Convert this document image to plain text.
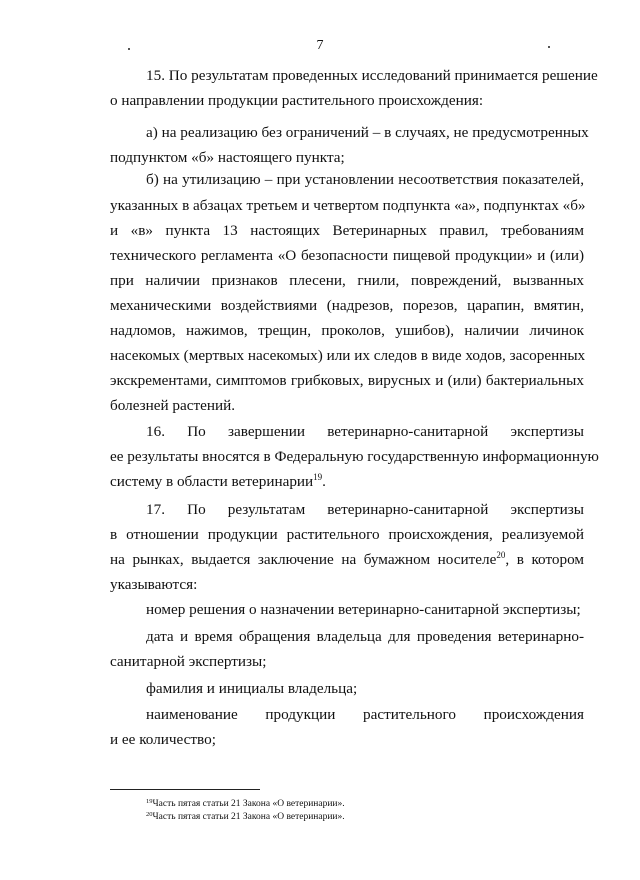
7
15. По результатам проведенных исследований принимается решение
о направлении продукции растительного происхождения:
а) на реализацию без ограничений – в случаях, не предусмотренных
подпунктом «б» настоящего пункта;
б) на утилизацию – при установлении несоответствия показателей,
указанных в абзацах третьем и четвертом подпункта «а», подпунктах «б»
и «в» пункта 13 настоящих Ветеринарных правил, требованиям
технического регламента «О безопасности пищевой продукции» и (или)
при наличии признаков плесени, гнили, повреждений, вызванных
механическими воздействиями (надрезов, порезов, царапин, вмятин,
надломов, нажимов, трещин, проколов, ушибов), наличии личинок
насекомых (мертвых насекомых) или их следов в виде ходов, засоренных
экскрементами, симптомов грибковых, вирусных и (или) бактериальных
болезней растений.
16. По завершении ветеринарно-санитарной экспертизы
ее результаты вносятся в Федеральную государственную информационную
систему в области ветеринарии$^{19}$.
17. По результатам ветеринарно-санитарной экспертизы
в отношении продукции растительного происхождения, реализуемой
на рынках, выдается заключение на бумажном носителе$^{20}$, в котором
указываются:
номер решения о назначении ветеринарно-санитарной экспертизы;
дата и время обращения владельца для проведения ветеринарно-
санитарной экспертизы;
фамилия и инициалы владельца;
наименование продукции растительного происхождения
и ее количество;
$^{19}$Часть пятая статьи 21 Закона «О ветеринарии».
$^{20}$Часть пятая статьи 21 Закона «О ветеринарии».
